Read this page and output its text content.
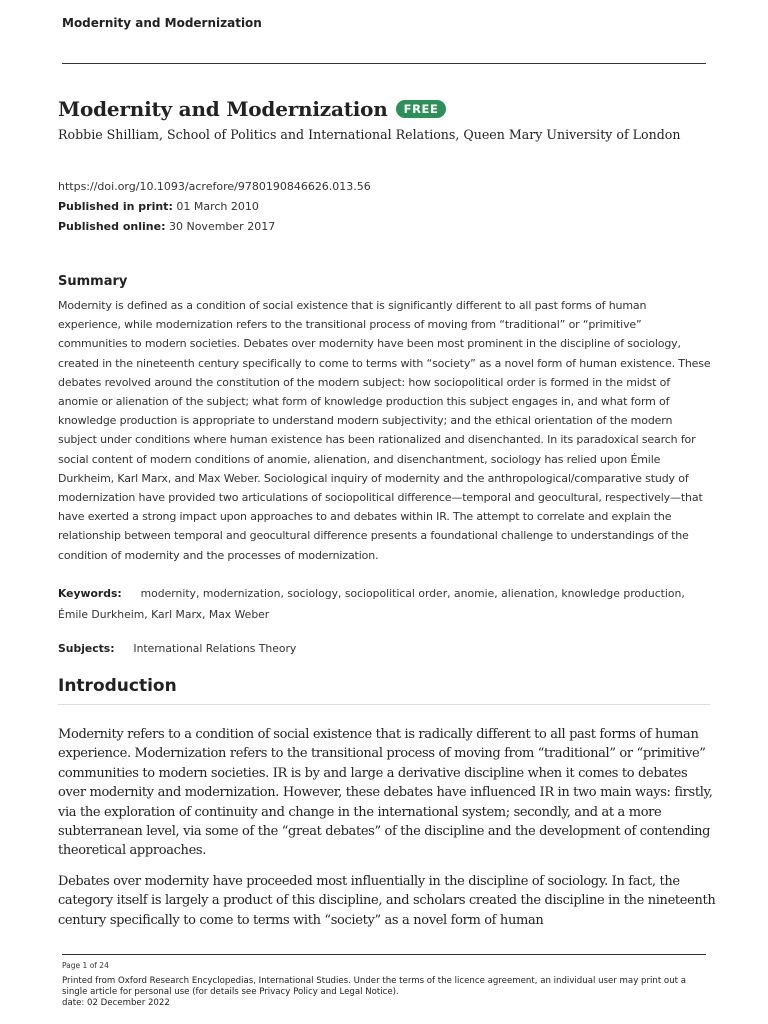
Modernity and Modernization
Modernity and Modernization	FREE
Robbie Shilliam, School of Politics and International Relations, Queen Mary University of London
https://doi.org/10.1093/acrefore/9780190846626.013.56
Published in print: 01 March 2010
Published online: 30 November 2017
Summary
Modernity is defined as a condition of social existence that is significantly different to all past forms of human experience, while modernization refers to the transitional process of moving from “traditional” or “primitive” communities to modern societies. Debates over modernity have been most prominent in the discipline of sociology, created in the nineteenth century specifically to come to terms with “society” as a novel form of human existence. These debates revolved around the constitution of the modern subject: how sociopolitical order is formed in the midst of anomie or alienation of the subject; what form of knowledge production this subject engages in, and what form of knowledge production is appropriate to understand modern subjectivity; and the ethical orientation of the modern subject under conditions where human existence has been rationalized and disenchanted. In its paradoxical search for social content of modern conditions of anomie, alienation, and disenchantment, sociology has relied upon Émile Durkheim, Karl Marx, and Max Weber. Sociological inquiry of modernity and the anthropological/comparative study of modernization have provided two articulations of sociopolitical difference—temporal and geocultural, respectively—that have exerted a strong impact upon approaches to and debates within IR. The attempt to correlate and explain the relationship between temporal and geocultural difference presents a foundational challenge to understandings of the condition of modernity and the processes of modernization.
Keywords: modernity, modernization, sociology, sociopolitical order, anomie, alienation, knowledge production, Émile Durkheim, Karl Marx, Max Weber
Subjects: International Relations Theory
Introduction
Modernity refers to a condition of social existence that is radically different to all past forms of human experience. Modernization refers to the transitional process of moving from “traditional” or “primitive” communities to modern societies. IR is by and large a derivative discipline when it comes to debates over modernity and modernization. However, these debates have influenced IR in two main ways: firstly, via the exploration of continuity and change in the international system; secondly, and at a more subterranean level, via some of the “great debates” of the discipline and the development of contending theoretical approaches.
Debates over modernity have proceeded most influentially in the discipline of sociology. In fact, the category itself is largely a product of this discipline, and scholars created the discipline in the nineteenth century specifically to come to terms with “society” as a novel form of human
Page 1 of 24
Printed from Oxford Research Encyclopedias, International Studies. Under the terms of the licence agreement, an individual user may print out a single article for personal use (for details see Privacy Policy and Legal Notice).
date: 02 December 2022
